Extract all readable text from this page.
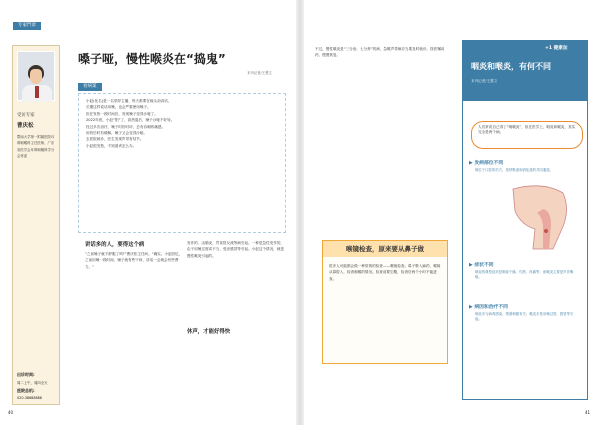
专家門诊
受访专家
曹庆松
暨南大学第一附属医院耳鼻咽喉科主任医师、广东省医学会耳鼻咽喉科学分会常委
出诊时间:
周二上午，周四全天
医院总机:
020-38688888
嗓子哑，慢性喉炎在“捣鬼”
本刊记者/王慧文
看病案

小赵(化名)是一名领导主播，每天都要在镜头前讲话，

长期这样说话用嗓，也会严重使用嗓子。

但在发热一段时间后，发现嗓子变得沙哑了。

2022年底，小赵“阳”了，高热退后，嗓子沙哑不好转。

经过多次治疗，嗓子时好时坏，总有吞咽疼痛感。

用药后时有缓解，嗓子又会变得沙哑。

去医院就诊，医生发现声带有结节。

小赵很发愁，不知道该怎么办。

讲话多的人，要得这个病
“之前嗓子就不舒服了吗?”曹庆松主任问。“确实。小赵回忆，之前用嗓一段时间，嗓子就有些干痒，讲话一会就会有些费力。”
发作的，由肺炎、胃食管反流等病引起。一种是急性发作的，由于用嗓过度或不当、受凉感冒等引起。小赵这个情况，就是慢性喉炎引起的。
休声，才能好得快
不过，慢性喉炎是“三分治，七分养”的病，急喉声带病应当要及时就诊，按医嘱用药，慢慢恢复。
喉镜检查，原来要从鼻子做
很多人可能都会做一种常规的检查——喉镜检查。鼻子吸入麻药，喉镜从鼻腔入，检查咽喉的情况。检查前要空腹，检查后两个小时不能进食。
+1 健康加
咽炎和喉炎，有何不同
本刊记者/王慧文
人们常说自己得了“咽喉炎”，但在医学上，咽炎和喉炎，其实完全是两个病。
▶ 发病部位不同
咽位于口腔的后方，是呼吸道和消化道的共同通道。
▶ 症状不同
咽炎的典型症状是咽部干燥、灼热、疼痛等；而喉炎主要是声音嘶哑。
▶ 病因和治疗不同
咽炎多与病毒感染、烟酒刺激有关；喉炎多是用嗓过度、感冒等引起。
40	41
